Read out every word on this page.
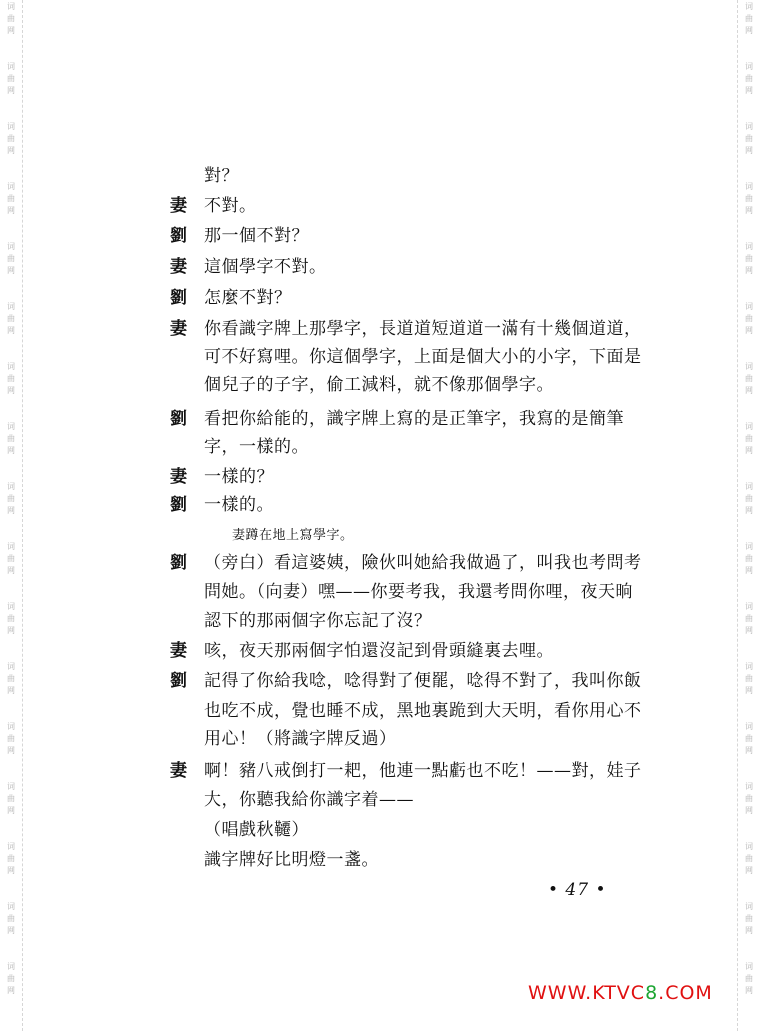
词
曲
网
词
曲
网
词
曲
网
词
曲
网
词
曲
网
词
曲
网
词
曲
网
词
曲
网
词
曲
网
词
曲
网
词
曲
网
词
曲
网
词
曲
网
词
曲
网
词
曲
网
词
曲
网
词
曲
网
词
曲
网
词
曲
网
词
曲
网
词
曲
网
词
曲
网
词
曲
网
词
曲
网
词
曲
网
词
曲
网
词
曲
网
词
曲
网
词
曲
网
词
曲
网
词
曲
网
词
曲
网
词
曲
网
词
曲
网
對？
妻 不對。
劉 那一個不對？
妻 這個學字不對。
劉 怎麼不對？
妻 你看識字牌上那學字，長道道短道道一滿有十幾個道道，
可不好寫哩。你這個學字，上面是個大小的小字，下面是
個兒子的子字，偷工減料，就不像那個學字。
劉 看把你給能的，識字牌上寫的是正筆字，我寫的是簡筆
字，一樣的。
妻 一樣的？
劉 一樣的。
妻蹲在地上寫學字。
劉 （旁白）看這婆姨，險伙叫她給我做過了，叫我也考問考
問她。（向妻）嘿——你要考我，我還考問你哩，夜天晌
認下的那兩個字你忘記了沒？
妻 咳，夜天那兩個字怕還沒記到骨頭縫裏去哩。
劉 記得了你給我唸，唸得對了便罷，唸得不對了，我叫你飯
也吃不成，覺也睡不成，黑地裏跪到大天明，看你用心不
用心！（將識字牌反過）
妻 啊！豬八戒倒打一耙，他連一點虧也不吃！——對，娃子
大，你聽我給你識字着——
（唱戲秋韆）
識字牌好比明燈一盞。
• 47 •
WWW.KTVC8.COM
